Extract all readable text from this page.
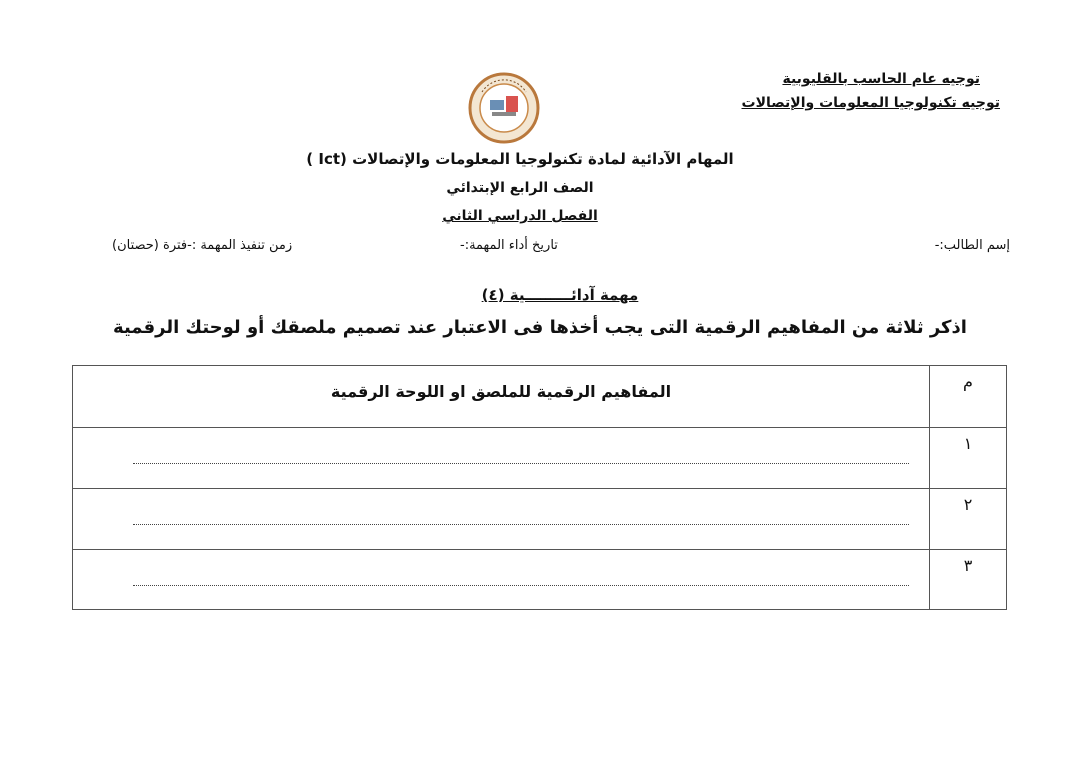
توجيه عام الحاسب بالقليوبية
توجيه تكنولوجيا المعلومات والإتصالات
المهام الآدائية لمادة تكنولوجيا المعلومات والإتصالات (Ict )
الصف الرابع الإبتدائي
الفصل الدراسي الثاني
إسم الطالب:-
تاريخ أداء المهمة:-
زمن تنفيذ المهمة :-فترة (حصتان)
مهمة آدائـــــــــية (٤)
اذكر ثلاثة من المفاهيم الرقمية التى يجب أخذها فى الاعتبار عند تصميم ملصقك أو لوحتك الرقمية
م
المفاهيم الرقمية للملصق او اللوحة الرقمية
١
٢
٣
